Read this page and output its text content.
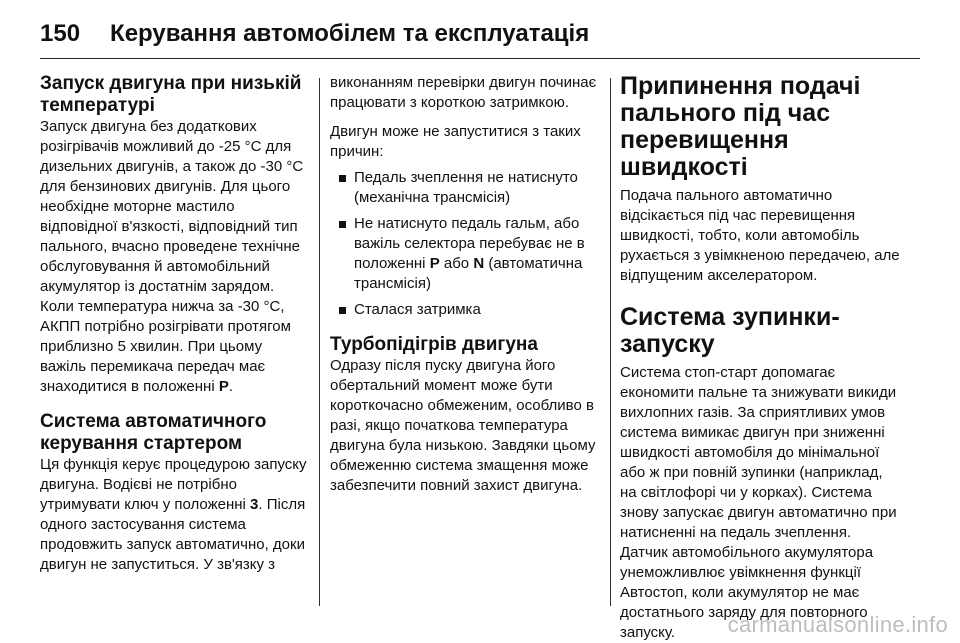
150 Керування автомобілем та експлуатація
Запуск двигуна при низькій температурі

Запуск двигуна без додаткових розігрівачів можливий до -25 °C для дизельних двигунів, а також до -30 °C для бензинових двигунів. Для цього необхідне моторне мастило відповідної в'язкості, відповідний тип пального, вчасно проведене технічне обслуговування й автомобільний акумулятор із достатнім зарядом. Коли температура нижча за -30 °C, АКПП потрібно розігрівати протягом приблизно 5 хвилин. При цьому важіль перемикача передач має знаходитися в положенні P.

Система автоматичного керування стартером

Ця функція керує процедурою запуску двигуна. Водієві не потрібно утримувати ключ у положенні 3. Після одного застосування система продовжить запуск автоматично, доки двигун не запуститься. У зв'язку з

виконанням перевірки двигун починає працювати з короткою затримкою.

Двигун може не запуститися з таких причин:

Педаль зчеплення не натиснуто (механічна трансмісія)
Не натиснуто педаль гальм, або важіль селектора перебуває не в положенні P або N (автоматична трансмісія)
Сталася затримка
Турбопідігрів двигуна

Одразу після пуску двигуна його обертальний момент може бути короткочасно обмеженим, особливо в разі, якщо початкова температура двигуна була низькою. Завдяки цьому обмеженню система змащення може забезпечити повний захист двигуна.

Припинення подачі пального під час перевищення швидкості

Подача пального автоматично відсікається під час перевищення швидкості, тобто, коли автомобіль рухається з увімкненою передачею, але відпущеним акселератором.

Система зупинки-запуску

Система стоп-старт допомагає економити пальне та знижувати викиди вихлопних газів. За сприятливих умов система вимикає двигун при зниженні швидкості автомобіля до мінімальної або ж при повній зупинки (наприклад, на світлофорі чи у корках). Система знову запускає двигун автоматично при натисненні на педаль зчеплення. Датчик автомобільного акумулятора унеможливлює увімкнення функції Автостоп, коли акумулятор не має достатнього заряду для повторного запуску.	carmanualsonline.info
